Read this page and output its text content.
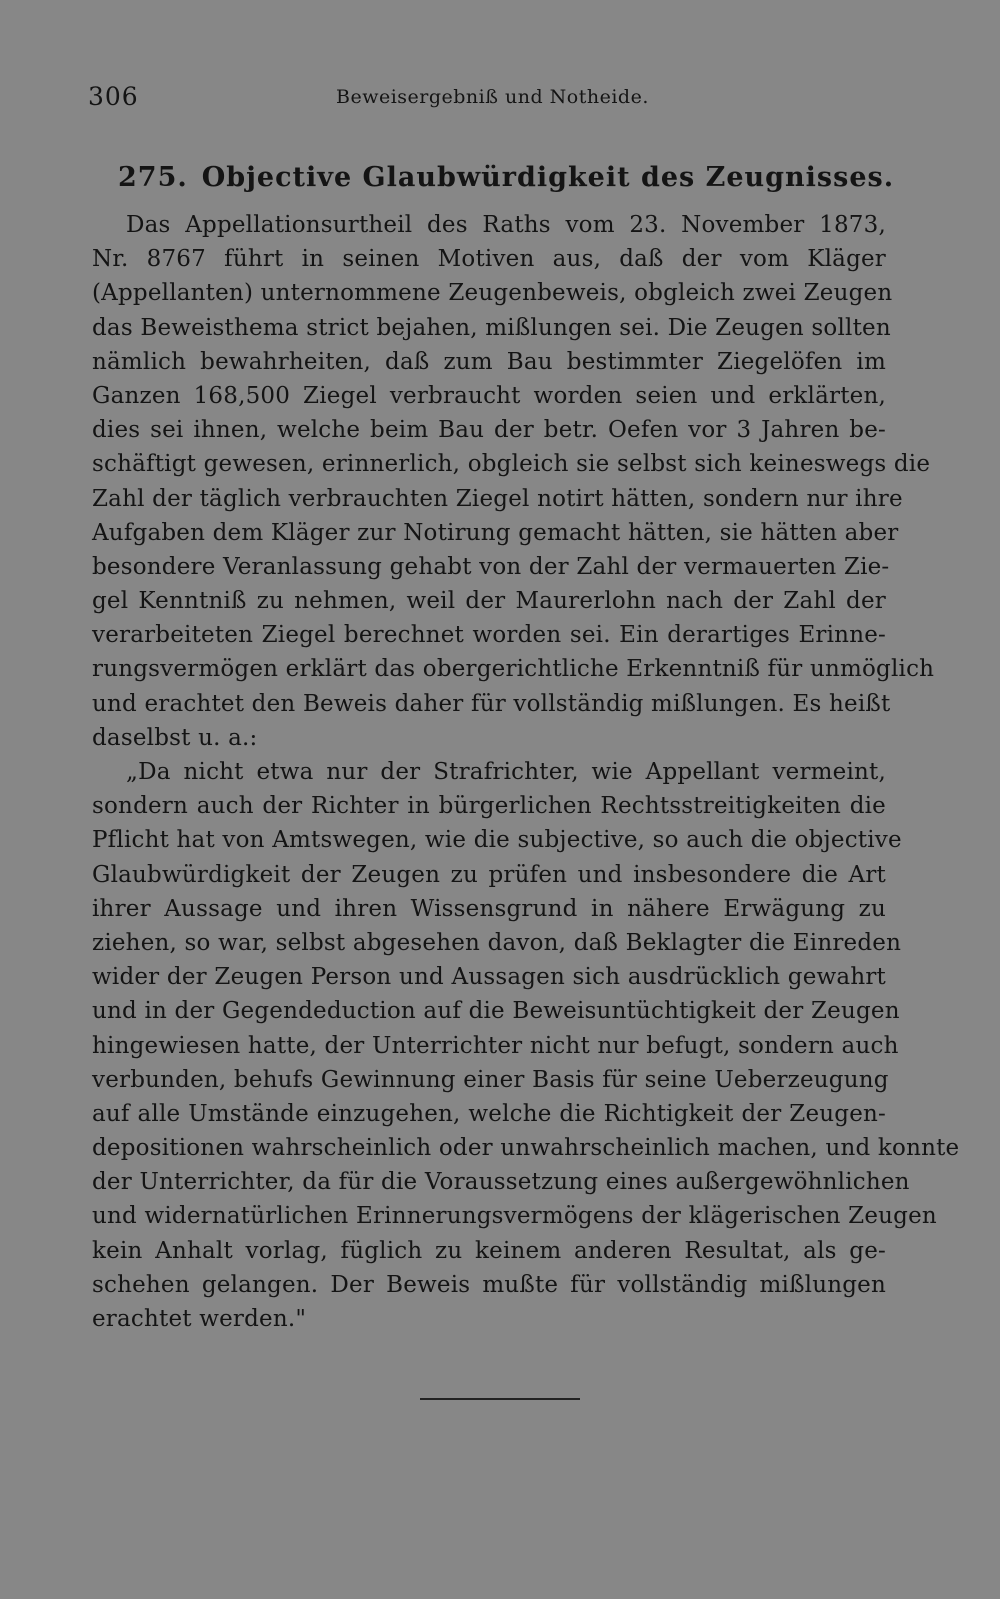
306	Beweisergebniß und Notheide.
275. Objective Glaubwürdigkeit des Zeugnisses.
Das Appellationsurtheil des Raths vom 23. November 1873,
Nr. 8767 führt in seinen Motiven aus, daß der vom Kläger
(Appellanten) unternommene Zeugenbeweis, obgleich zwei Zeugen
das Beweisthema strict bejahen, mißlungen sei. Die Zeugen sollten
nämlich bewahrheiten, daß zum Bau bestimmter Ziegelöfen im
Ganzen 168,500 Ziegel verbraucht worden seien und erklärten,
dies sei ihnen, welche beim Bau der betr. Oefen vor 3 Jahren be-
schäftigt gewesen, erinnerlich, obgleich sie selbst sich keineswegs die
Zahl der täglich verbrauchten Ziegel notirt hätten, sondern nur ihre
Aufgaben dem Kläger zur Notirung gemacht hätten, sie hätten aber
besondere Veranlassung gehabt von der Zahl der vermauerten Zie-
gel Kenntniß zu nehmen, weil der Maurerlohn nach der Zahl der
verarbeiteten Ziegel berechnet worden sei. Ein derartiges Erinne-
rungsvermögen erklärt das obergerichtliche Erkenntniß für unmöglich
und erachtet den Beweis daher für vollständig mißlungen. Es heißt
daselbst u. a.:
„Da nicht etwa nur der Strafrichter, wie Appellant vermeint,
sondern auch der Richter in bürgerlichen Rechtsstreitigkeiten die
Pflicht hat von Amtswegen, wie die subjective, so auch die objective
Glaubwürdigkeit der Zeugen zu prüfen und insbesondere die Art
ihrer Aussage und ihren Wissensgrund in nähere Erwägung zu
ziehen, so war, selbst abgesehen davon, daß Beklagter die Einreden
wider der Zeugen Person und Aussagen sich ausdrücklich gewahrt
und in der Gegendeduction auf die Beweisuntüchtigkeit der Zeugen
hingewiesen hatte, der Unterrichter nicht nur befugt, sondern auch
verbunden, behufs Gewinnung einer Basis für seine Ueberzeugung
auf alle Umstände einzugehen, welche die Richtigkeit der Zeugen-
depositionen wahrscheinlich oder unwahrscheinlich machen, und konnte
der Unterrichter, da für die Voraussetzung eines außergewöhnlichen
und widernatürlichen Erinnerungsvermögens der klägerischen Zeugen
kein Anhalt vorlag, füglich zu keinem anderen Resultat, als ge-
schehen gelangen. Der Beweis mußte für vollständig mißlungen
erachtet werden."
